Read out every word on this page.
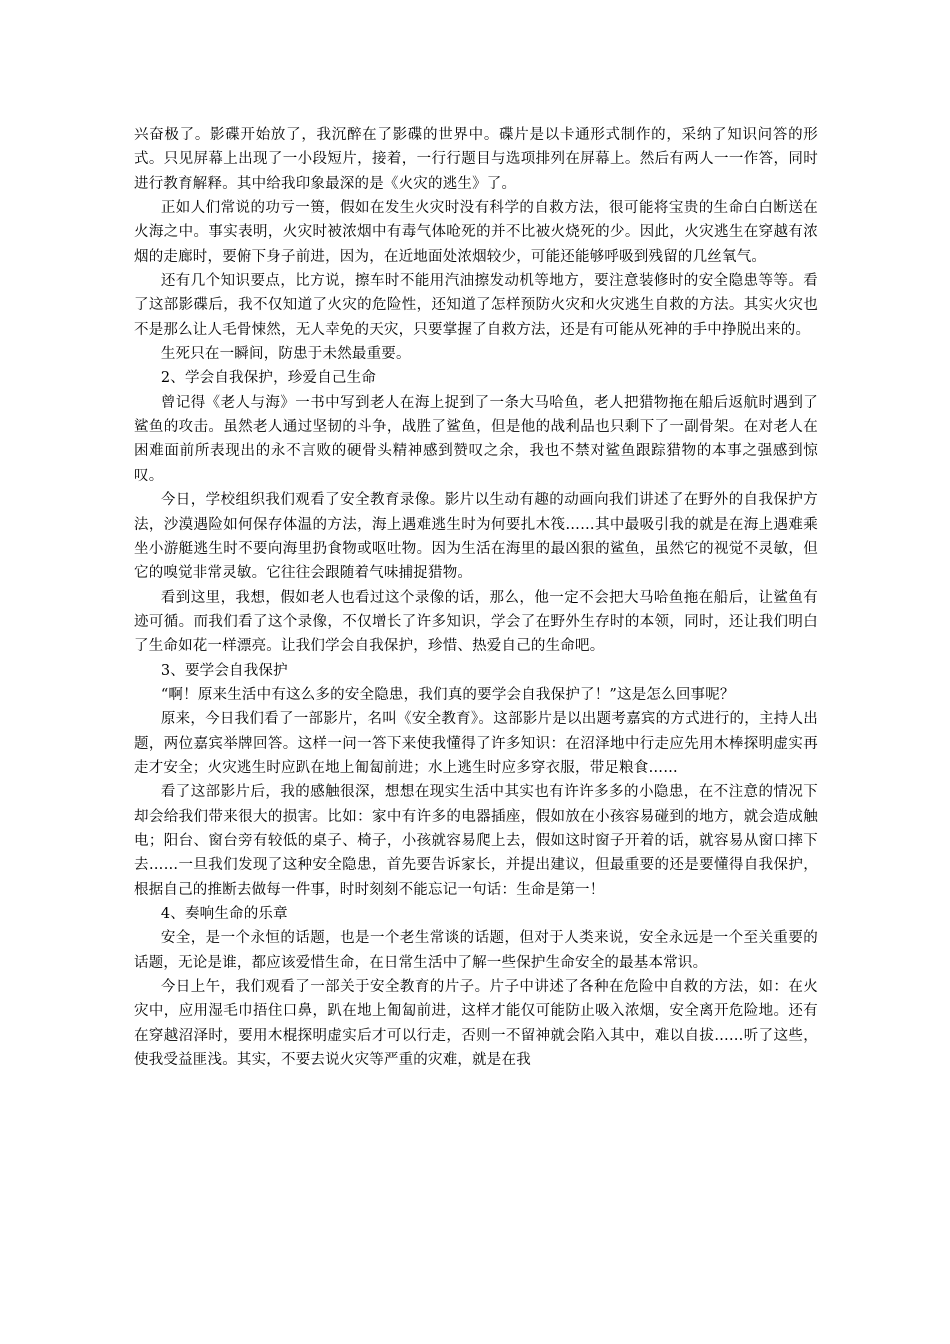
兴奋极了。影碟开始放了，我沉醉在了影碟的世界中。碟片是以卡通形式制作的，采纳了知识问答的形式。只见屏幕上出现了一小段短片，接着，一行行题目与选项排列在屏幕上。然后有两人一一作答，同时进行教育解释。其中给我印象最深的是《火灾的逃生》了。

正如人们常说的功亏一篑，假如在发生火灾时没有科学的自救方法，很可能将宝贵的生命白白断送在火海之中。事实表明，火灾时被浓烟中有毒气体呛死的并不比被火烧死的少。因此，火灾逃生在穿越有浓烟的走廊时，要俯下身子前进，因为，在近地面处浓烟较少，可能还能够呼吸到残留的几丝氧气。

还有几个知识要点，比方说，擦车时不能用汽油擦发动机等地方，要注意装修时的安全隐患等等。看了这部影碟后，我不仅知道了火灾的危险性，还知道了怎样预防火灾和火灾逃生自救的方法。其实火灾也不是那么让人毛骨悚然，无人幸免的天灾，只要掌握了自救方法，还是有可能从死神的手中挣脱出来的。

生死只在一瞬间，防患于未然最重要。

2、学会自我保护，珍爱自己生命

曾记得《老人与海》一书中写到老人在海上捉到了一条大马哈鱼，老人把猎物拖在船后返航时遇到了鲨鱼的攻击。虽然老人通过坚韧的斗争，战胜了鲨鱼，但是他的战利品也只剩下了一副骨架。在对老人在困难面前所表现出的永不言败的硬骨头精神感到赞叹之余，我也不禁对鲨鱼跟踪猎物的本事之强感到惊叹。

今日，学校组织我们观看了安全教育录像。影片以生动有趣的动画向我们讲述了在野外的自我保护方法，沙漠遇险如何保存体温的方法，海上遇难逃生时为何要扎木筏……其中最吸引我的就是在海上遇难乘坐小游艇逃生时不要向海里扔食物或呕吐物。因为生活在海里的最凶狠的鲨鱼，虽然它的视觉不灵敏，但它的嗅觉非常灵敏。它往往会跟随着气味捕捉猎物。

看到这里，我想，假如老人也看过这个录像的话，那么，他一定不会把大马哈鱼拖在船后，让鲨鱼有迹可循。而我们看了这个录像，不仅增长了许多知识，学会了在野外生存时的本领，同时，还让我们明白了生命如花一样漂亮。让我们学会自我保护，珍惜、热爱自己的生命吧。

3、要学会自我保护

“啊！原来生活中有这么多的安全隐患，我们真的要学会自我保护了！”这是怎么回事呢？

原来，今日我们看了一部影片，名叫《安全教育》。这部影片是以出题考嘉宾的方式进行的，主持人出题，两位嘉宾举牌回答。这样一问一答下来使我懂得了许多知识：在沼泽地中行走应先用木棒探明虚实再走才安全；火灾逃生时应趴在地上匍匐前进；水上逃生时应多穿衣服，带足粮食……

看了这部影片后，我的感触很深，想想在现实生活中其实也有许许多多的小隐患，在不注意的情况下却会给我们带来很大的损害。比如：家中有许多的电器插座，假如放在小孩容易碰到的地方，就会造成触电；阳台、窗台旁有较低的桌子、椅子，小孩就容易爬上去，假如这时窗子开着的话，就容易从窗口摔下去……一旦我们发现了这种安全隐患，首先要告诉家长，并提出建议，但最重要的还是要懂得自我保护，根据自己的推断去做每一件事，时时刻刻不能忘记一句话：生命是第一！

4、奏响生命的乐章

安全，是一个永恒的话题，也是一个老生常谈的话题，但对于人类来说，安全永远是一个至关重要的话题，无论是谁，都应该爱惜生命，在日常生活中了解一些保护生命安全的最基本常识。

今日上午，我们观看了一部关于安全教育的片子。片子中讲述了各种在危险中自救的方法，如：在火灾中，应用湿毛巾捂住口鼻，趴在地上匍匐前进，这样才能仅可能防止吸入浓烟，安全离开危险地。还有在穿越沼泽时，要用木棍探明虚实后才可以行走，否则一不留神就会陷入其中，难以自拔……听了这些，使我受益匪浅。其实，不要去说火灾等严重的灾难，就是在我
